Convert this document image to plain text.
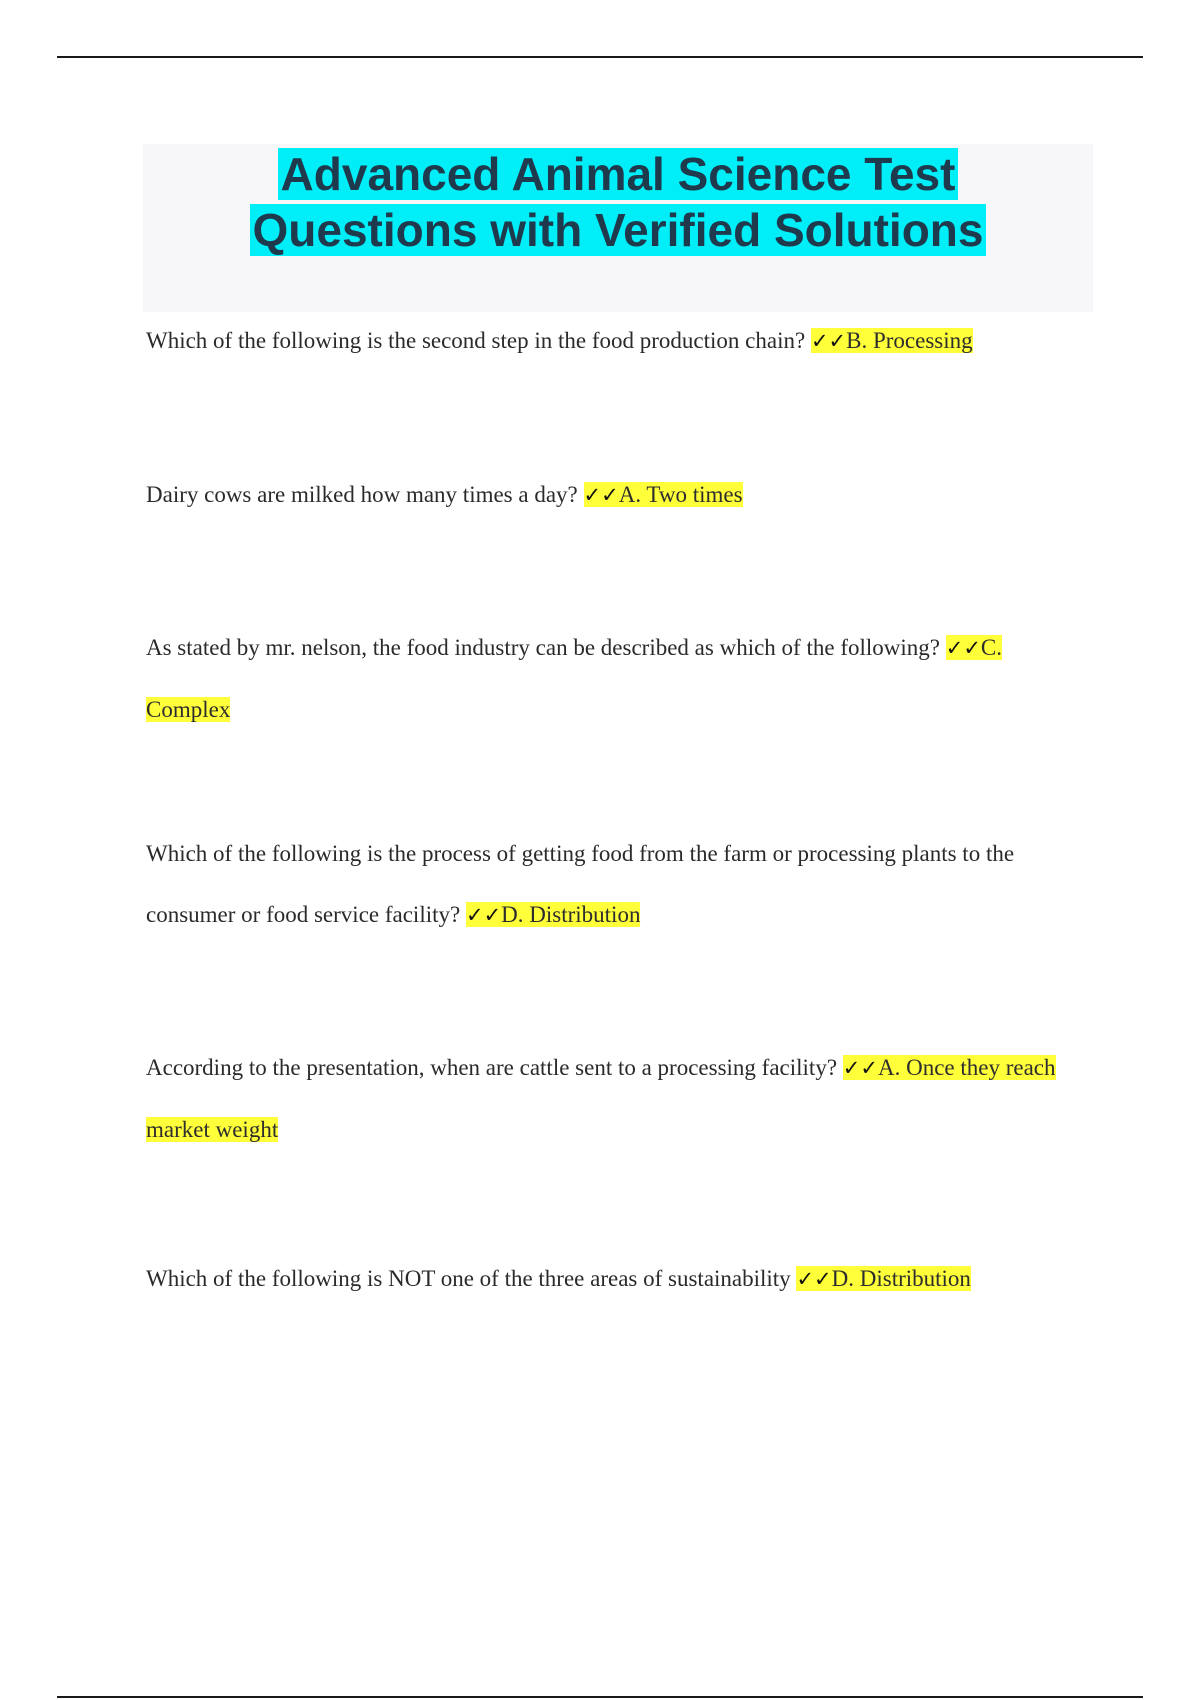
Advanced Animal Science Test
Questions with Verified Solutions
Which of the following is the second step in the food production chain? ✓✓B. Processing
Dairy cows are milked how many times a day? ✓✓A. Two times
As stated by mr. nelson, the food industry can be described as which of the following? ✓✓C. Complex
Which of the following is the process of getting food from the farm or processing plants to the consumer or food service facility? ✓✓D. Distribution
According to the presentation, when are cattle sent to a processing facility? ✓✓A. Once they reach market weight
Which of the following is NOT one of the three areas of sustainability ✓✓D. Distribution
